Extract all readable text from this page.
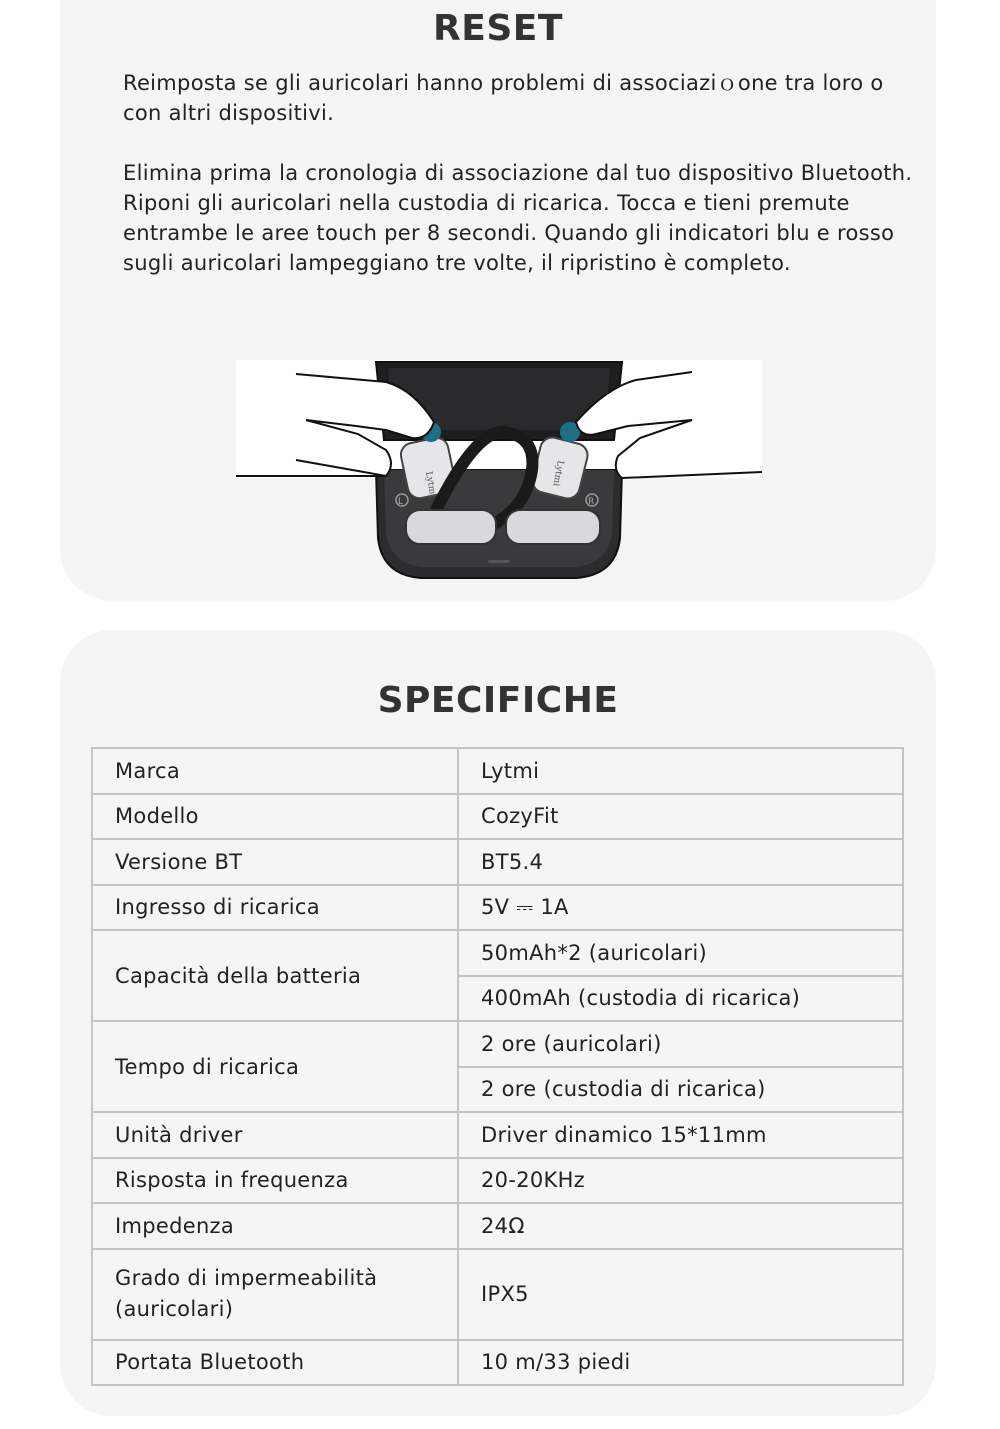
RESET

Reimposta se gli auricolari hanno problemi di associaziｏone tra loro o con altri dispositivi.

Elimina prima la cronologia di associazione dal tuo dispositivo Bluetooth. Riponi gli auricolari nella custodia di ricarica. Tocca e tieni premute entrambe le aree touch per 8 secondi. Quando gli indicatori blu e rosso sugli auricolari lampeggiano tre volte, il ripristino è completo.

Lytmi	Lytmi
L	R
SPECIFICHE
Marca	Lytmi
Modello	CozyFit
Versione BT	BT5.4
Ingresso di ricarica	5V ⎓ 1A
Capacità della batteria	50mAh*2 (auricolari)
	400mAh (custodia di ricarica)
Tempo di ricarica	2 ore (auricolari)
	2 ore (custodia di ricarica)
Unità driver	Driver dinamico 15*11mm
Risposta in frequenza	20-20KHz
Impedenza	24Ω
Grado di impermeabilità
(auricolari)	IPX5
Portata Bluetooth	10 m/33 piedi
